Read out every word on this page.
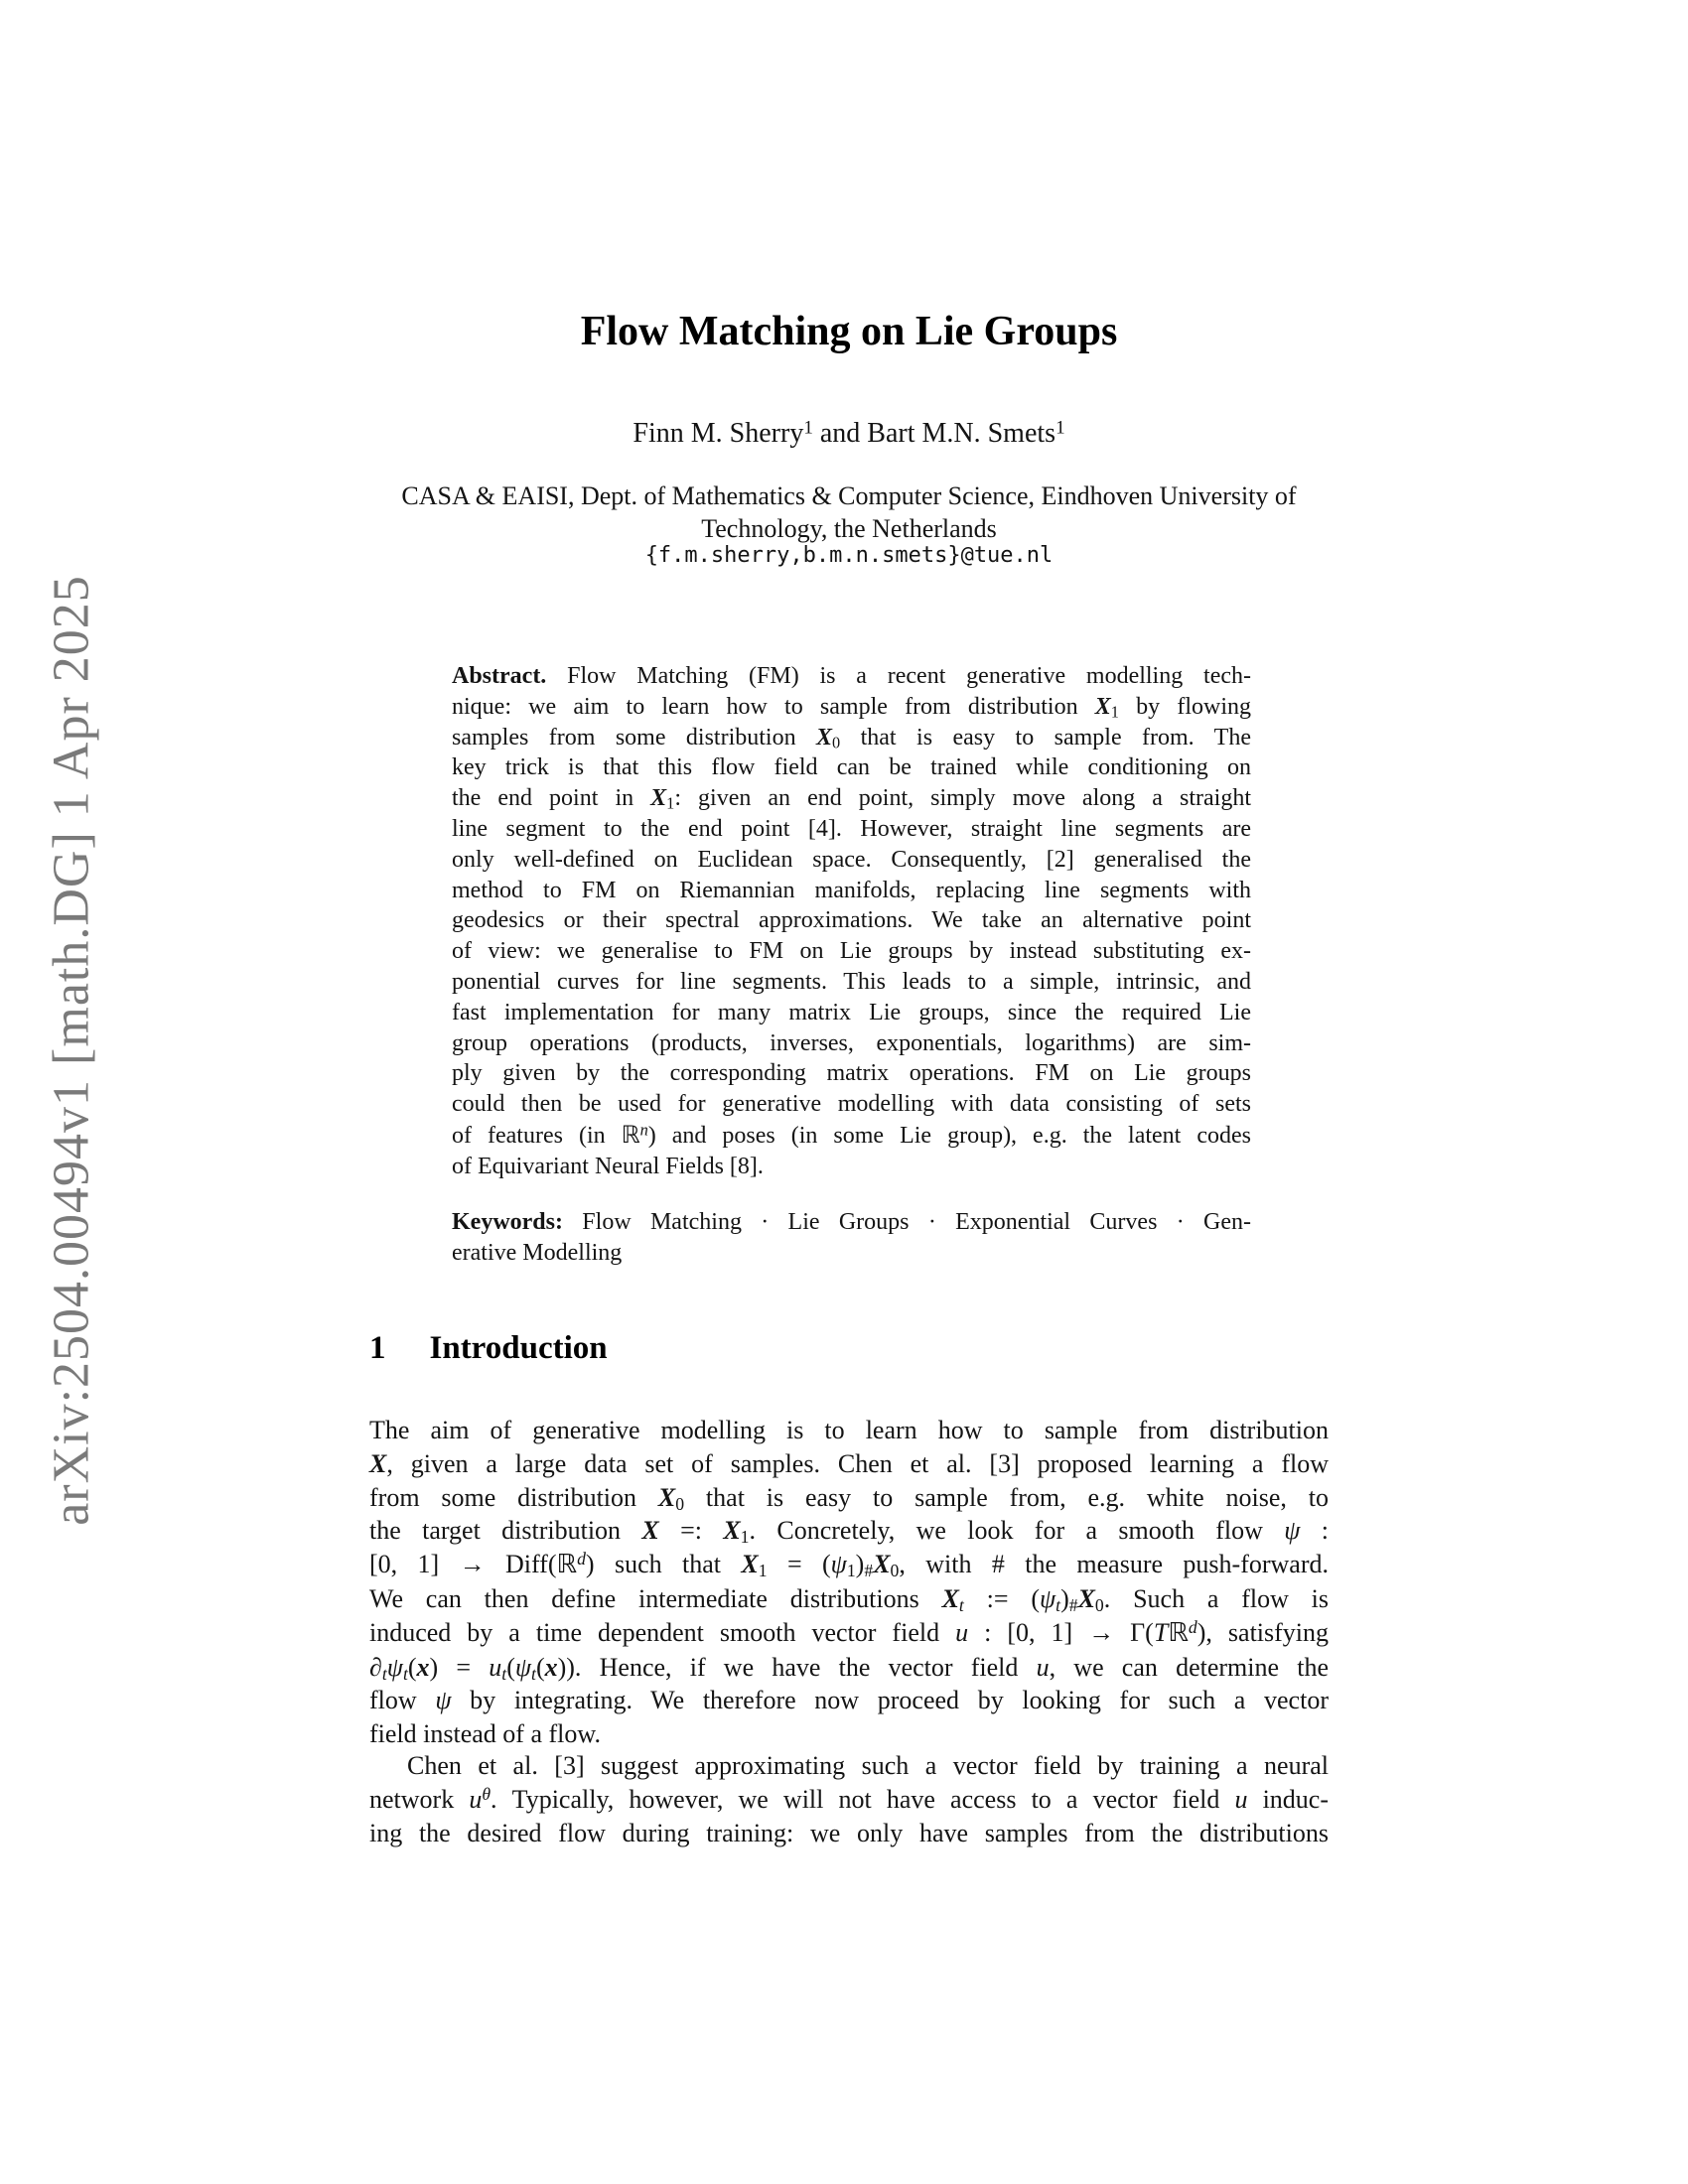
arXiv:2504.00494v1 [math.DG] 1 Apr 2025
Flow Matching on Lie Groups
Finn M. Sherry$^1$ and Bart M.N. Smets$^1$
CASA & EAISI, Dept. of Mathematics & Computer Science, Eindhoven University of
Technology, the Netherlands
{f.m.sherry,b.m.n.smets}@tue.nl
Abstract. Flow Matching (FM) is a recent generative modelling tech-
nique: we aim to learn how to sample from distribution $X_1$ by flowing
samples from some distribution $X_0$ that is easy to sample from. The
key trick is that this flow field can be trained while conditioning on
the end point in $X_1$: given an end point, simply move along a straight
line segment to the end point [4]. However, straight line segments are
only well-defined on Euclidean space. Consequently, [2] generalised the
method to FM on Riemannian manifolds, replacing line segments with
geodesics or their spectral approximations. We take an alternative point
of view: we generalise to FM on Lie groups by instead substituting ex-
ponential curves for line segments. This leads to a simple, intrinsic, and
fast implementation for many matrix Lie groups, since the required Lie
group operations (products, inverses, exponentials, logarithms) are sim-
ply given by the corresponding matrix operations. FM on Lie groups
could then be used for generative modelling with data consisting of sets
of features (in ℝ$^n$) and poses (in some Lie group), e.g. the latent codes
of Equivariant Neural Fields [8].
Keywords: Flow Matching · Lie Groups · Exponential Curves · Gen-
erative Modelling
1 Introduction
The aim of generative modelling is to learn how to sample from distribution
X, given a large data set of samples. Chen et al. [3] proposed learning a flow
from some distribution $X_0$ that is easy to sample from, e.g. white noise, to
the target distribution X =: $X_1$. Concretely, we look for a smooth flow ψ :
[0, 1] → Diff(ℝ$^d$) such that $X_1 = (\psi_1)_{\#}X_0$, with # the measure push-forward.
We can then define intermediate distributions $X_t$ := $(\psi_t)_{\#}X_0$. Such a flow is
induced by a time dependent smooth vector field u : [0, 1] → Γ(Tℝ$^d$), satisfying
$\partial_t\psi_t(x) = u_t(\psi_t(x))$. Hence, if we have the vector field u, we can determine the
flow ψ by integrating. We therefore now proceed by looking for such a vector
field instead of a flow.
Chen et al. [3] suggest approximating such a vector field by training a neural
network $u^\theta$. Typically, however, we will not have access to a vector field u induc-
ing the desired flow during training: we only have samples from the distributions
